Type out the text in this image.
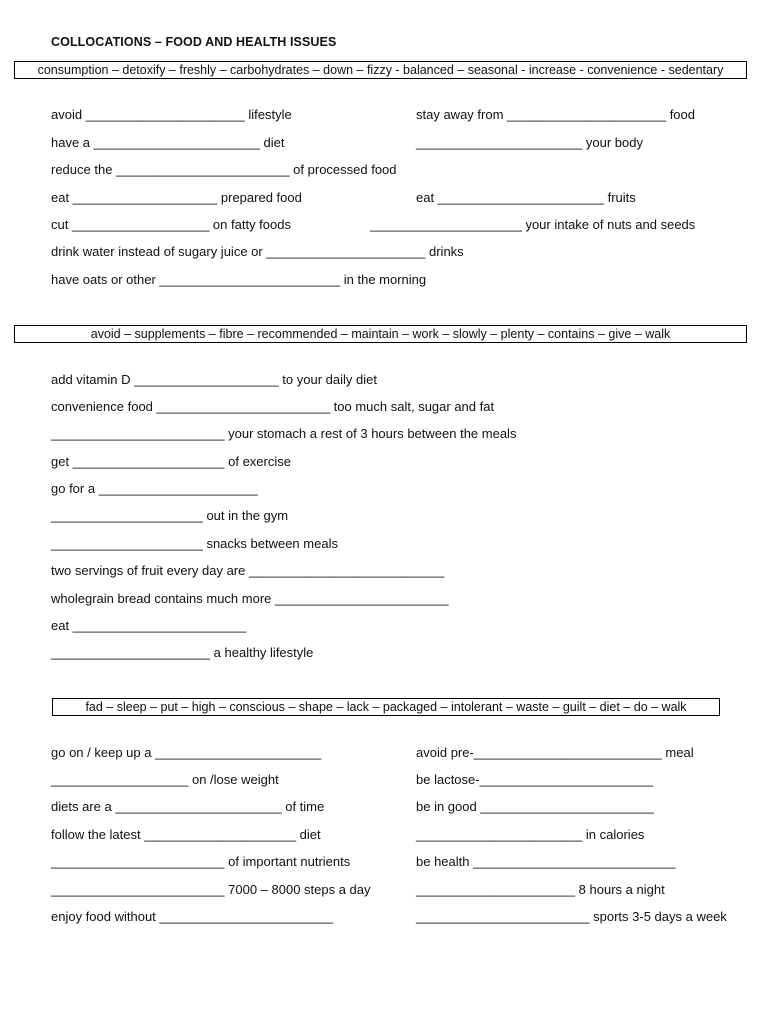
COLLOCATIONS – FOOD AND HEALTH ISSUES
consumption – detoxify – freshly – carbohydrates – down – fizzy - balanced – seasonal - increase - convenience - sedentary
avoid ______________________ lifestyle	stay away from ______________________ food
have a _______________________ diet	_______________________ your body
reduce the ________________________ of processed food
eat ____________________ prepared food	eat _______________________ fruits
cut ___________________ on fatty foods	_____________________ your intake of nuts and seeds
drink water instead of sugary juice or ______________________ drinks
have oats or other _________________________ in the morning
avoid – supplements – fibre – recommended – maintain – work – slowly – plenty – contains – give – walk
add vitamin D ____________________ to your daily diet
convenience food ________________________ too much salt, sugar and fat
________________________ your stomach a rest of 3 hours between the meals
get _____________________ of exercise
go for a ______________________
_____________________ out in the gym
_____________________ snacks between meals
two servings of fruit every day are ___________________________
wholegrain bread contains much more ________________________
eat ________________________
______________________ a healthy lifestyle
fad – sleep – put – high – conscious – shape – lack – packaged – intolerant – waste – guilt – diet – do – walk
go on / keep up a _______________________	avoid pre-__________________________ meal
___________________ on /lose weight	be lactose-________________________
diets are a _______________________ of time	be in good ________________________
follow the latest _____________________ diet	_______________________ in calories
________________________ of important nutrients	be health ____________________________
________________________ 7000 – 8000 steps a day	______________________ 8 hours a night
enjoy food without ________________________	________________________ sports 3-5 days a week
